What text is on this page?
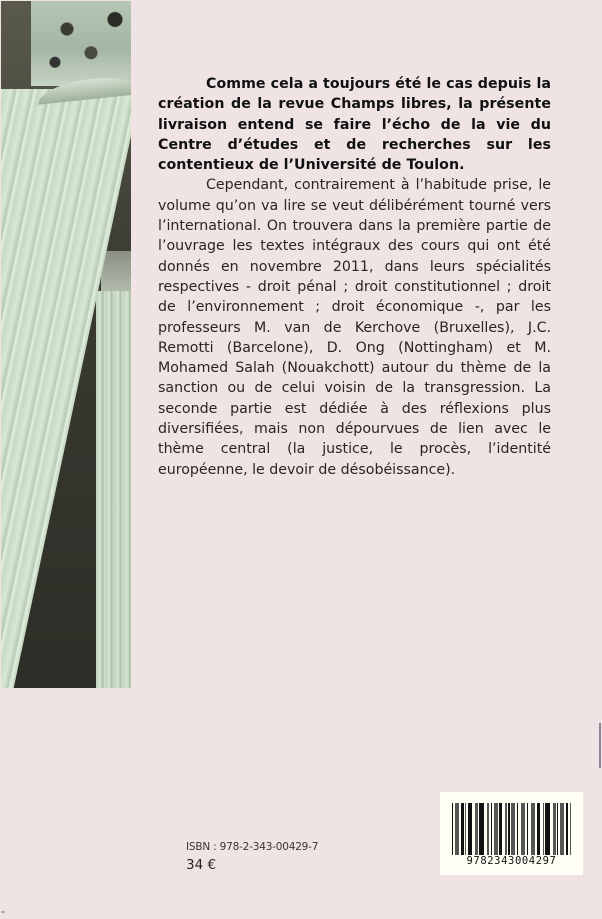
Comme cela a toujours été le cas depuis la création de la revue Champs libres, la présente livraison entend se faire l’écho de la vie du Centre d’études et de recherches sur les contentieux de l’Université de Toulon.

Cependant, contrairement à l’habitude prise, le volume qu’on va lire se veut délibérément tourné vers l’international. On trouvera dans la première partie de l’ouvrage les textes intégraux des cours qui ont été donnés en novembre 2011, dans leurs spécialités respectives - droit pénal ; droit constitutionnel ; droit de l’environnement ; droit économique -, par les professeurs M. van de Kerchove (Bruxelles), J.C. Remotti (Barcelone), D. Ong (Nottingham) et M. Mohamed Salah (Nouakchott) autour du thème de la sanction ou de celui voisin de la transgression. La seconde partie est dédiée à des réflexions plus diversifiées, mais non dépourvues de lien avec le thème central (la justice, le procès, l’identité européenne, le devoir de désobéissance).

ISBN : 978-2-343-00429-7
34 €	9782343004297
